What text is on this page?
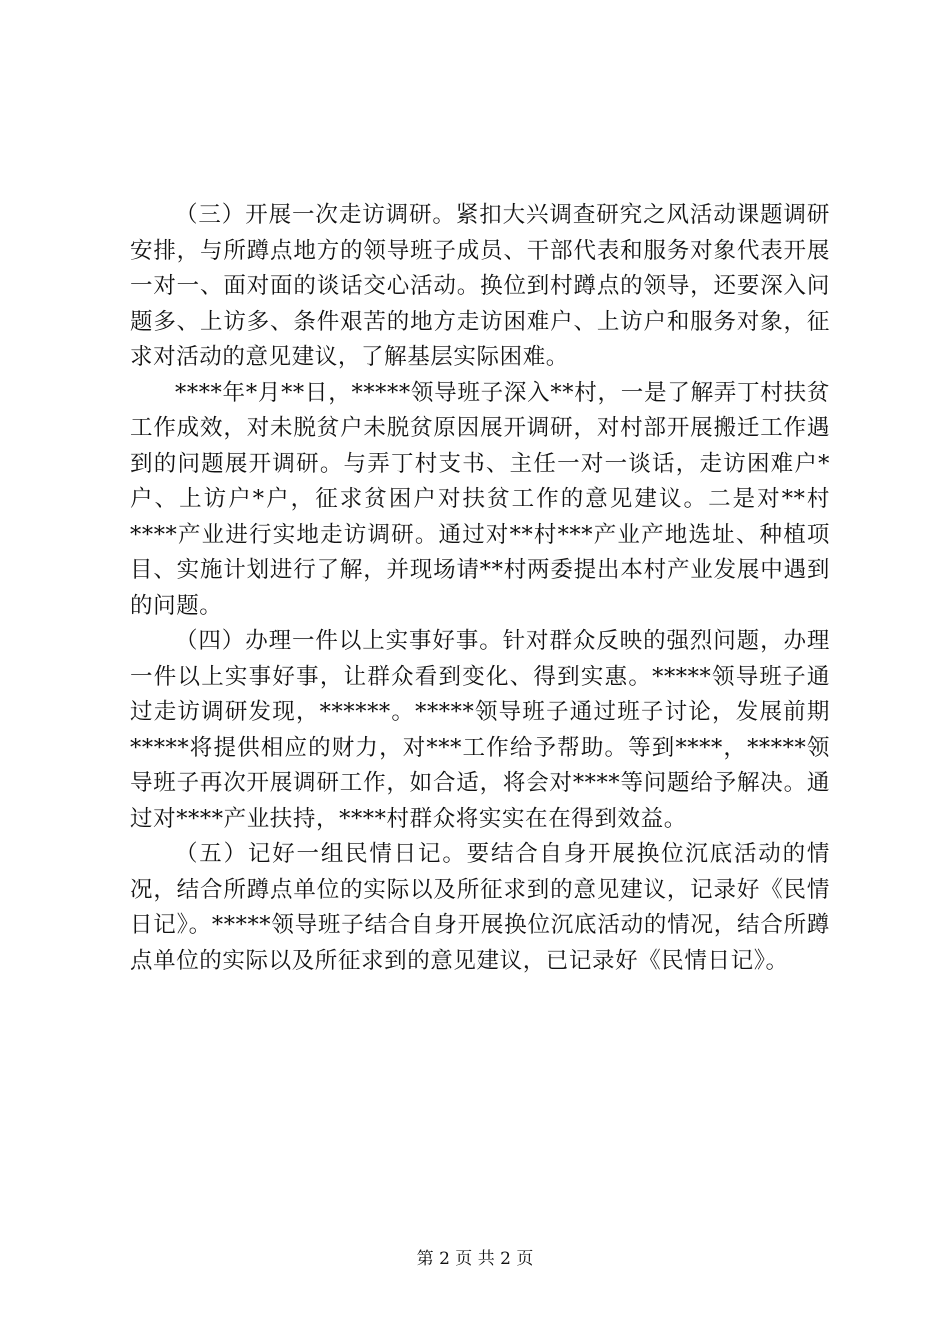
（三）开展一次走访调研。紧扣大兴调查研究之风活动课题调研安排，与所蹲点地方的领导班子成员、干部代表和服务对象代表开展一对一、面对面的谈话交心活动。换位到村蹲点的领导，还要深入问题多、上访多、条件艰苦的地方走访困难户、上访户和服务对象，征求对活动的意见建议，了解基层实际困难。

****年*月**日，*****领导班子深入**村，一是了解弄丁村扶贫工作成效，对未脱贫户未脱贫原因展开调研，对村部开展搬迁工作遇到的问题展开调研。与弄丁村支书、主任一对一谈话，走访困难户*户、上访户*户，征求贫困户对扶贫工作的意见建议。二是对**村****产业进行实地走访调研。通过对**村***产业产地选址、种植项目、实施计划进行了解，并现场请**村两委提出本村产业发展中遇到的问题。

（四）办理一件以上实事好事。针对群众反映的强烈问题，办理一件以上实事好事，让群众看到变化、得到实惠。*****领导班子通过走访调研发现，******。*****领导班子通过班子讨论，发展前期*****将提供相应的财力，对***工作给予帮助。等到****，*****领导班子再次开展调研工作，如合适，将会对****等问题给予解决。通过对****产业扶持，****村群众将实实在在得到效益。

（五）记好一组民情日记。要结合自身开展换位沉底活动的情况，结合所蹲点单位的实际以及所征求到的意见建议，记录好《民情日记》。*****领导班子结合自身开展换位沉底活动的情况，结合所蹲点单位的实际以及所征求到的意见建议，已记录好《民情日记》。

第 2 页 共 2 页
